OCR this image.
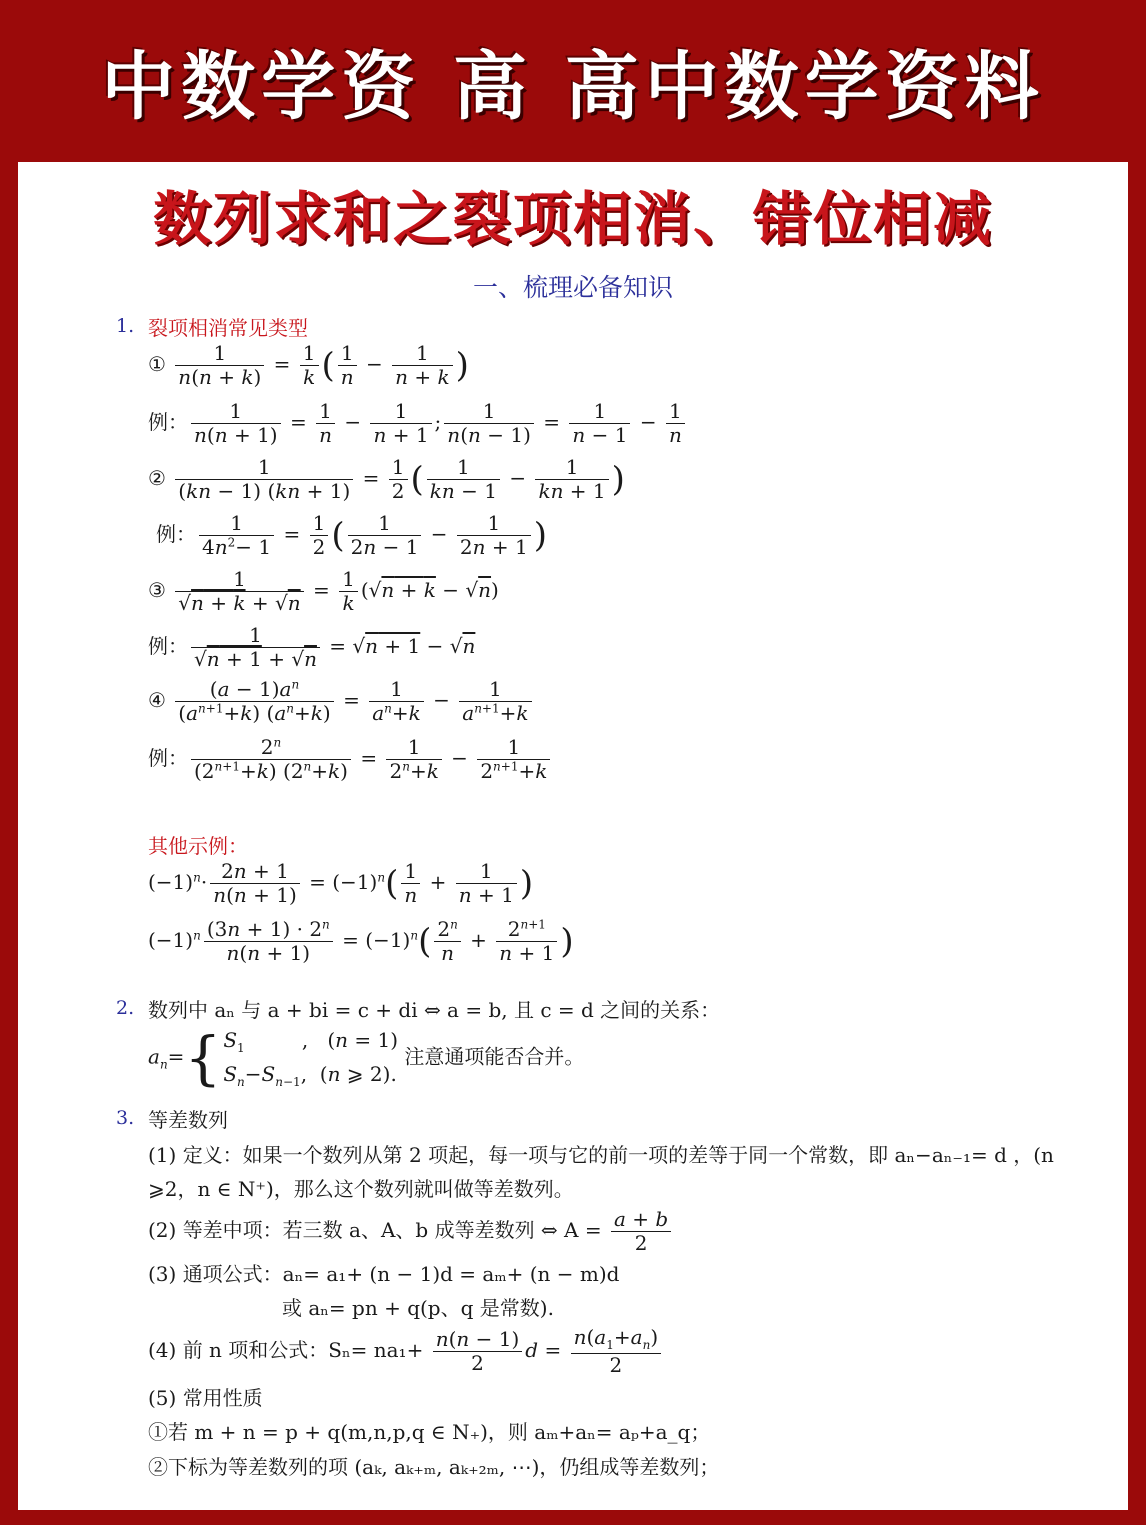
中数学资 高 高中数学资料
数列求和之裂项相消、错位相减
一、梳理必备知识
1. 裂项相消常见类型
① $\frac{1}{n(n + k)} = \frac{1}{k}$ ( $\frac{1}{n} - \frac{1}{n + k}$ )
例： $\frac{1}{n(n + 1)} = \frac{1}{n} - \frac{1}{n + 1}$ ; $\frac{1}{n(n - 1)} = \frac{1}{n - 1} - \frac{1}{n}$
② $\frac{1}{(kn - 1) (kn + 1)} = \frac{1}{2}$ ( $\frac{1}{kn - 1} - \frac{1}{kn + 1}$ )
例： $\frac{1}{4n^2- 1} = \frac{1}{2}$ ( $\frac{1}{2n - 1} - \frac{1}{2n + 1}$ )
③ $\frac{1}{√n + k + √n} = \frac{1}{k} (√n + k - √n)$
例： $\frac{1}{√n + 1 + √n} = √n + 1 - √n$
④ $\frac{(a - 1)a^n}{(a^{n+1}+k) (a^n+k)} = \frac{1}{a^n+k} - \frac{1}{a^{n+1}+k}$
例： $\frac{2^n}{(2^{n+1}+k) (2^n+k)} = \frac{1}{2^n+k} - \frac{1}{2^{n+1}+k}$
其他示例：
$(-1)^n\cdot \frac{2n + 1}{n(n + 1)} = (-1)^n( \frac{1}{n} + \frac{1}{n + 1}$ )
$(-1)^n \frac{(3n + 1) \cdot 2^n}{n(n + 1)} = (-1)^n( \frac{2^n}{n} + \frac{2^{n+1}}{n + 1}$ )
2. 数列中 aₙ 与 a + bi = c + di ⇔ a = b, 且 c = d 之间的关系：
$a_n=${ $S_1$         ,   (n = 1)
$S_n-S_{n-1}$,  (n ⩾ 2).
注意通项能否合并。
3. 等差数列
(1) 定义：如果一个数列从第 2 项起，每一项与它的前一项的差等于同一个常数，即 aₙ−aₙ₋₁= d ，(n
⩾2，n ∈ N⁺)，那么这个数列就叫做等差数列。
(2) 等差中项：若三数 a、A、b 成等差数列 ⇔ $A = \frac{a + b}{2}$
(3) 通项公式：aₙ= a₁+ (n − 1)d = aₘ+ (n − m)d
或 aₙ= pn + q(p、q 是常数).
(4) 前 n 项和公式：$S_n= na_1+ \frac{n(n - 1)}{2}$ $d = \frac{n(a_1+a_n)}{2}$
(5) 常用性质
①若 m + n = p + q(m,n,p,q ∈ N₊)，则 aₘ+aₙ= aₚ+a_q；
②下标为等差数列的项 (aₖ, aₖ₊ₘ, aₖ₊₂ₘ, ⋯)，仍组成等差数列；
